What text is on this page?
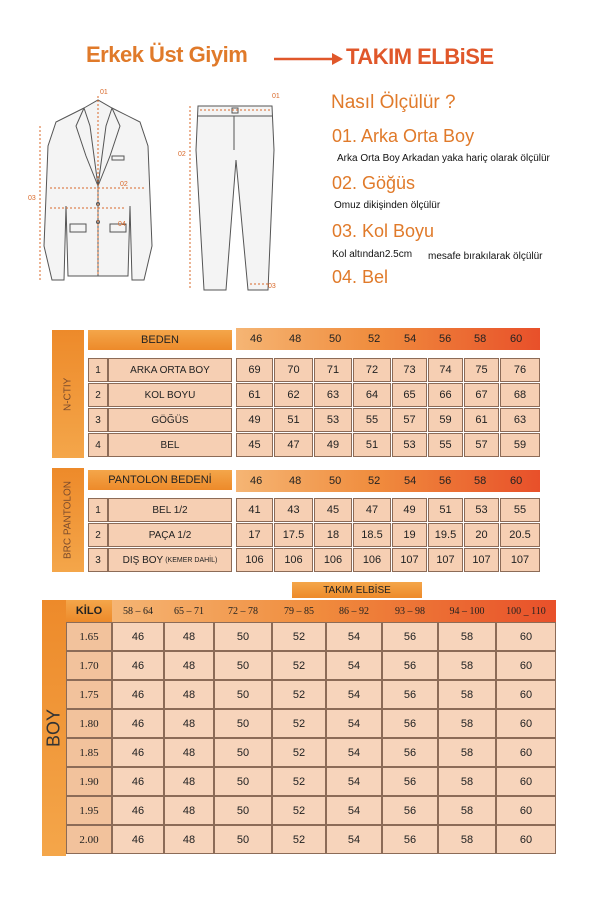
Erkek Üst Giyim	TAKIM ELBiSE
01
02
03
04
01
02
03
Nasıl Ölçülür ?
01. Arka Orta Boy
Arka Orta Boy Arkadan yaka hariç olarak ölçülür
02. Göğüs
Omuz dikişinden ölçülür
03. Kol Boyu
Kol altından2.5cm mesafe bırakılarak ölçülür
04. Bel
N-CTIY
BEDEN	46 48	50 52 54 56 58 60
1	ARKA ORTA BOY	69	70	71	72	73	74	75	76
2	KOL BOYU	61	62	63	64	65	66	67	68
3	GÖĞÜS	49	51	53	55	57	59	61	63
4	BEL	45	47	49	51	53	55	57	59
BRC PANTOLON
PANTOLON BEDENİ	46 48	50 52 54 56 58 60
1	BEL 1/2	41	43	45	47	49	51	53	55
2	PAÇA 1/2	17	17.5	18	18.5	19	19.5	20	20.5
3	DIŞ BOY (KEMER DAHİL)	106	106	106	106	107	107	107	107
TAKIM ELBİSE
BOY
KİLO	58 – 64	65 – 71	72 – 78	79 – 85	86 – 92	93 – 98	94 – 100	100 _ 110
1.65	46	48	50	52	54	56	58	60
1.70	46	48	50	52	54	56	58	60
1.75	46	48	50	52	54	56	58	60
1.80	46	48	50	52	54	56	58	60
1.85	46	48	50	52	54	56	58	60
1.90	46	48	50	52	54	56	58	60
1.95	46	48	50	52	54	56	58	60
2.00	46	48	50	52	54	56	58	60
